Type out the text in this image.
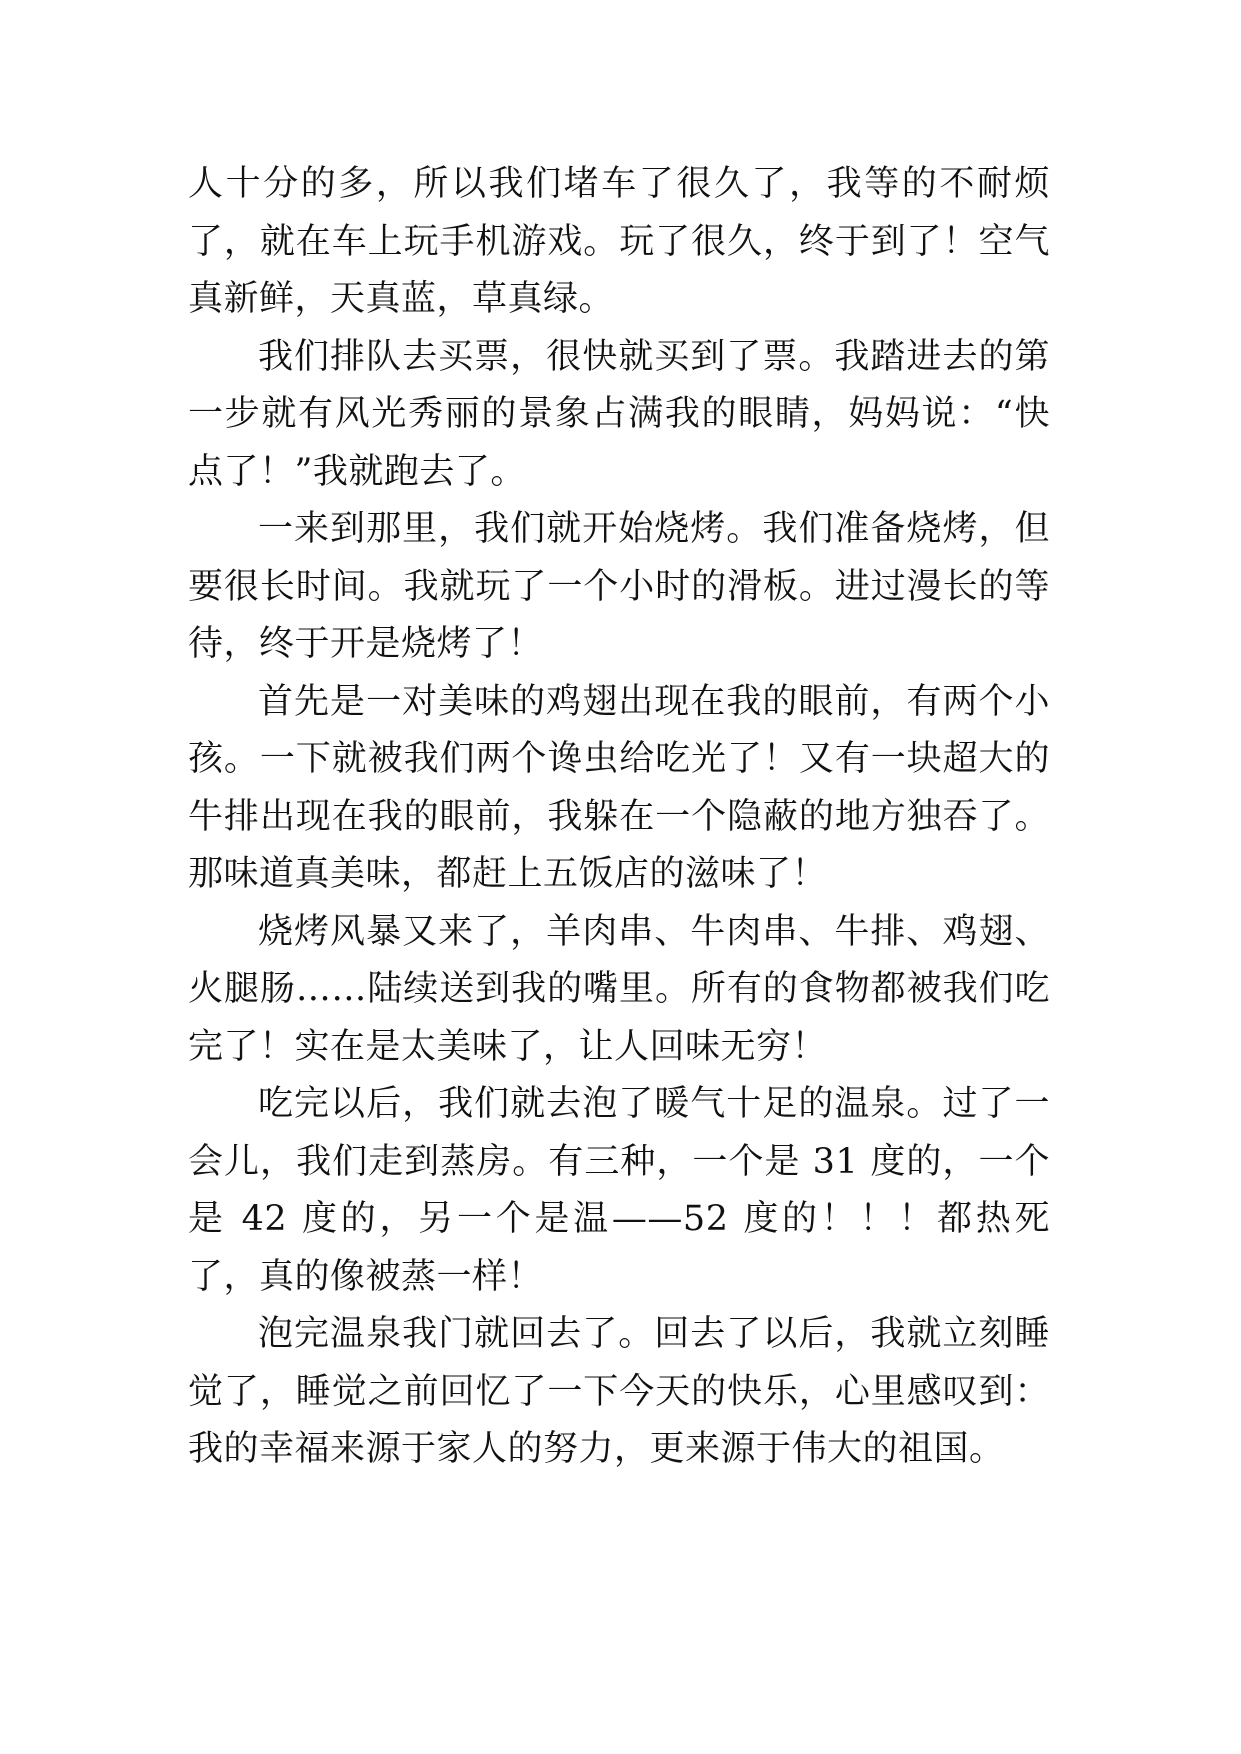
人十分的多，所以我们堵车了很久了，我等的不耐烦了，就在车上玩手机游戏。玩了很久，终于到了！空气真新鲜，天真蓝，草真绿。

我们排队去买票，很快就买到了票。我踏进去的第一步就有风光秀丽的景象占满我的眼睛，妈妈说：“快点了！”我就跑去了。

一来到那里，我们就开始烧烤。我们准备烧烤，但要很长时间。我就玩了一个小时的滑板。进过漫长的等待，终于开是烧烤了！

首先是一对美味的鸡翅出现在我的眼前，有两个小孩。一下就被我们两个谗虫给吃光了！又有一块超大的牛排出现在我的眼前，我躲在一个隐蔽的地方独吞了。那味道真美味，都赶上五饭店的滋味了！

烧烤风暴又来了，羊肉串、牛肉串、牛排、鸡翅、火腿肠……陆续送到我的嘴里。所有的食物都被我们吃完了！实在是太美味了，让人回味无穷！

吃完以后，我们就去泡了暖气十足的温泉。过了一会儿，我们走到蒸房。有三种，一个是 31 度的，一个是 42 度的，另一个是温——52 度的！！！都热死了，真的像被蒸一样！

泡完温泉我门就回去了。回去了以后，我就立刻睡觉了，睡觉之前回忆了一下今天的快乐，心里感叹到：我的幸福来源于家人的努力，更来源于伟大的祖国。
